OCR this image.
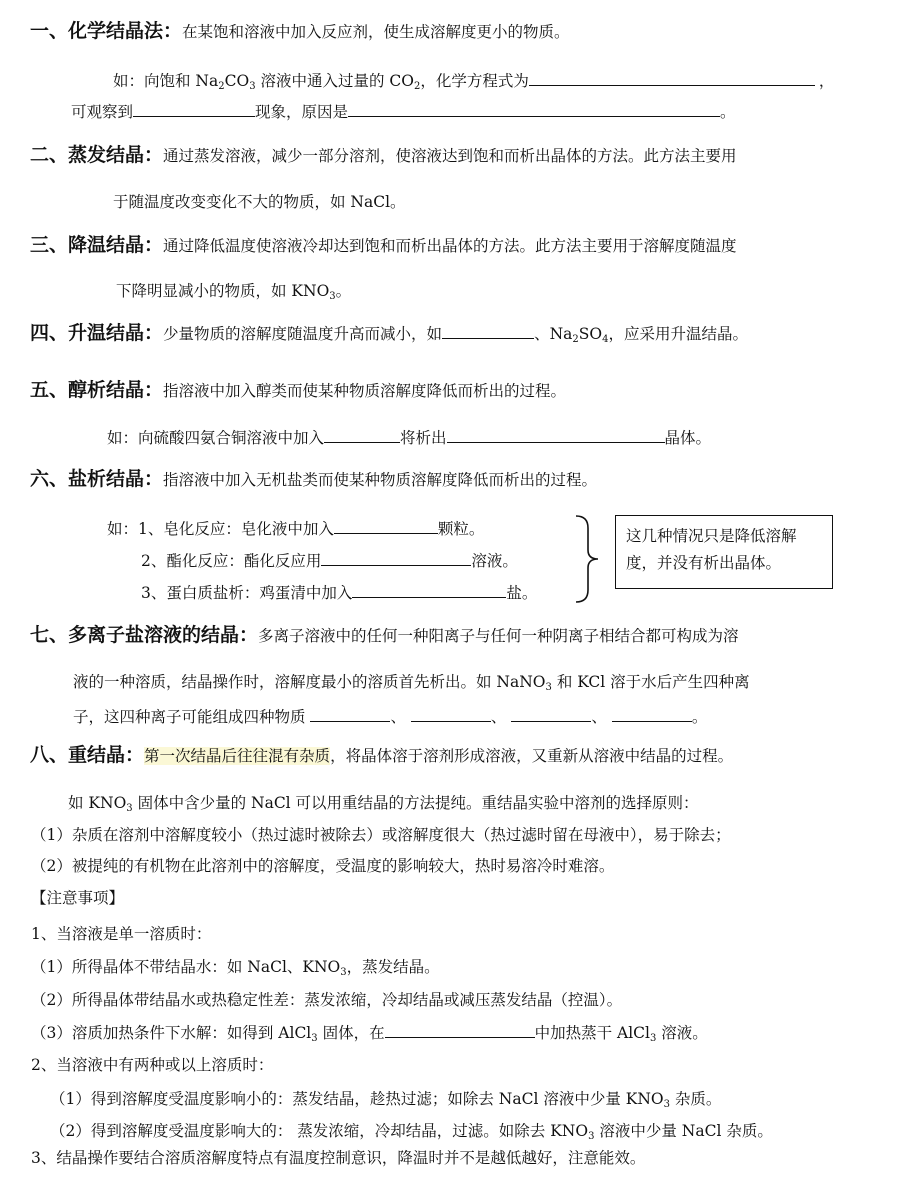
一、化学结晶法：在某饱和溶液中加入反应剂，使生成溶解度更小的物质。
如：向饱和 $Na_2CO_3$ 溶液中通入过量的 $CO_2$，化学方程式为	，
可观察到	现象，原因是	。
二、蒸发结晶：通过蒸发溶液，减少一部分溶剂，使溶液达到饱和而析出晶体的方法。此方法主要用
于随温度改变变化不大的物质，如 NaCl。
三、降温结晶：通过降低温度使溶液冷却达到饱和而析出晶体的方法。此方法主要用于溶解度随温度
下降明显减小的物质，如 $KNO_3$。
四、升温结晶：少量物质的溶解度随温度升高而减小，如	、$Na_2SO_4$，应采用升温结晶。
五、醇析结晶：指溶液中加入醇类而使某种物质溶解度降低而析出的过程。
如：向硫酸四氨合铜溶液中加入	将析出	晶体。
六、盐析结晶：指溶液中加入无机盐类而使某种物质溶解度降低而析出的过程。
如：1、皂化反应：皂化液中加入	颗粒。
2、酯化反应：酯化反应用	溶液。
3、蛋白质盐析：鸡蛋清中加入	盐。
这几种情况只是降低溶解度，并没有析出晶体。
七、多离子盐溶液的结晶：多离子溶液中的任何一种阳离子与任何一种阴离子相结合都可构成为溶
液的一种溶质，结晶操作时，溶解度最小的溶质首先析出。如 NaNO$_3$ 和 KCl 溶于水后产生四种离
子，这四种离子可能组成四种物质	、	、	、	。
八、重结晶：第一次结晶后往往混有杂质，将晶体溶于溶剂形成溶液，又重新从溶液中结晶的过程。
如 $KNO_3$ 固体中含少量的 NaCl 可以用重结晶的方法提纯。重结晶实验中溶剂的选择原则：
（1）杂质在溶剂中溶解度较小（热过滤时被除去）或溶解度很大（热过滤时留在母液中），易于除去；
（2）被提纯的有机物在此溶剂中的溶解度，受温度的影响较大，热时易溶冷时难溶。
【注意事项】
1、当溶液是单一溶质时：
（1）所得晶体不带结晶水：如 NaCl、$KNO_3$，蒸发结晶。
（2）所得晶体带结晶水或热稳定性差：蒸发浓缩，冷却结晶或减压蒸发结晶（控温）。
（3）溶质加热条件下水解：如得到 AlCl$_3$ 固体，在	中加热蒸干 AlCl$_3$ 溶液。
2、当溶液中有两种或以上溶质时：
（1）得到溶解度受温度影响小的：蒸发结晶，趁热过滤；如除去 NaCl 溶液中少量 $KNO_3$ 杂质。
（2）得到溶解度受温度影响大的： 蒸发浓缩，冷却结晶，过滤。如除去 $KNO_3$ 溶液中少量 NaCl 杂质。
3、结晶操作要结合溶质溶解度特点有温度控制意识，降温时并不是越低越好，注意能效。
